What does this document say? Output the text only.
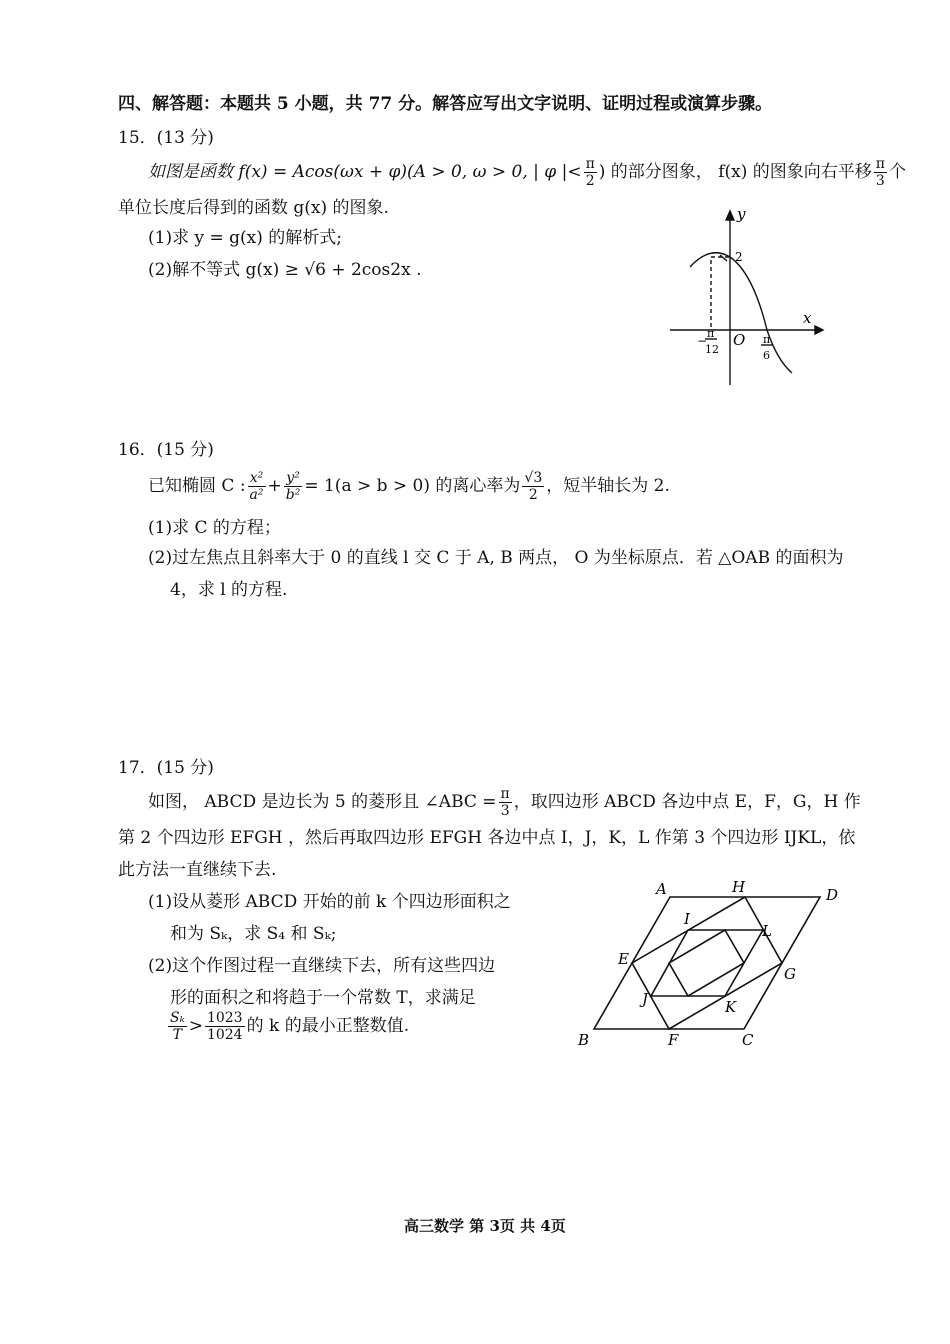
四、解答题：本题共 5 小题，共 77 分。解答应写出文字说明、证明过程或演算步骤。
15．(13 分)
如图是函数 f(x) = Acos(ωx + φ)(A > 0, ω > 0, | φ |< $\frac{\pi}{2}$ ) 的部分图象， f(x) 的图象向右平移 $\frac{\pi}{3}$ 个
单位长度后得到的函数 g(x) 的图象.
(1)求 y = g(x) 的解析式;
(2)解不等式 g(x) ≥ √6 + 2cos2x .
y
x
O
2
−
π
12
π
6
16．(15 分)
已知椭圆 C : $\frac{\text{x²}}{\text{a²}} + \frac{\text{y²}}{\text{b²}} = 1(a > b > 0)$ 的离心率为 $\frac{√3}{2}$ ，短半轴长为 2.
(1)求 C 的方程；
(2)过左焦点且斜率大于 0 的直线 l 交 C 于 A, B 两点， O 为坐标原点．若 △OAB 的面积为
4，求 l 的方程.
17．(15 分)
如图， ABCD 是边长为 5 的菱形且 ∠ABC = $\frac{\pi}{3}$ ，取四边形 ABCD 各边中点 E，F，G，H 作
第 2 个四边形 EFGH ，然后再取四边形 EFGH 各边中点 I，J，K，L 作第 3 个四边形 IJKL，依
此方法一直继续下去.
(1)设从菱形 ABCD 开始的前 k 个四边形面积之
和为 Sₖ，求 S₄ 和 Sₖ;
(2)这个作图过程一直继续下去，所有这些四边
形的面积之和将趋于一个常数 T，求满足
$\frac{\text{Sₖ}}{T} > \frac{1023}{1024}$ 的 k 的最小正整数值.
A	H	D
I
L
E
G
J	K
B	F	C
高三数学 第 3页 共 4页
